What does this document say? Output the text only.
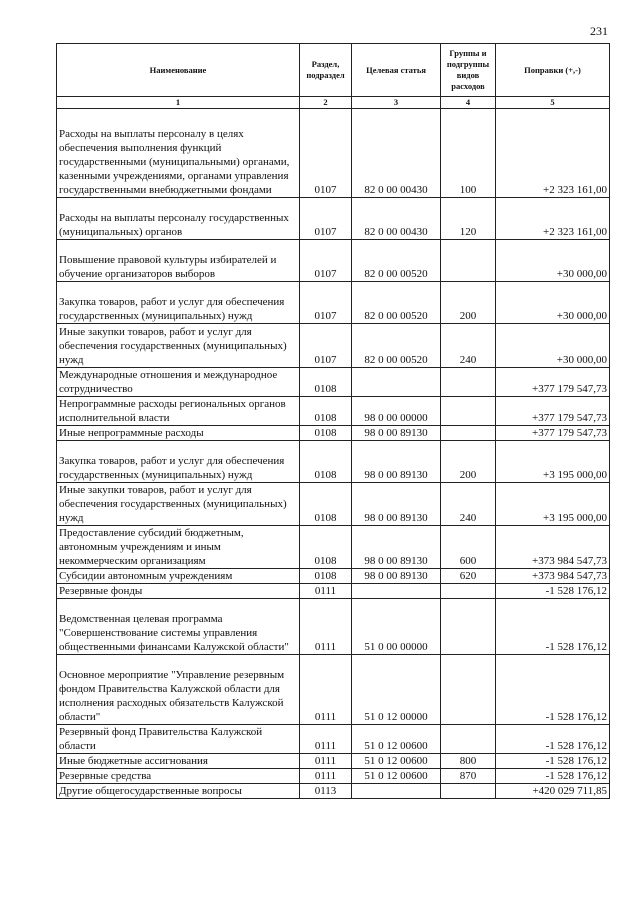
231
Наименование	Раздел, подраздел	Целевая статья	Группы и подгруппы видов расходов	Поправки (+,-)
1	2	3	4	5
Расходы на выплаты персоналу в целях обеспечения выполнения функций государственными (муниципальными) органами, казенными учреждениями, органами управления государственными внебюджетными фондами	0107	82 0 00 00430	100	+2 323 161,00
Расходы на выплаты персоналу государственных (муниципальных) органов	0107	82 0 00 00430	120	+2 323 161,00
Повышение правовой культуры избирателей и обучение организаторов выборов	0107	82 0 00 00520		+30 000,00
Закупка товаров, работ и услуг для обеспечения государственных (муниципальных) нужд	0107	82 0 00 00520	200	+30 000,00
Иные закупки товаров, работ и услуг для обеспечения государственных (муниципальных) нужд	0107	82 0 00 00520	240	+30 000,00
Международные отношения и международное сотрудничество	0108			+377 179 547,73
Непрограммные расходы региональных органов исполнительной власти	0108	98 0 00 00000		+377 179 547,73
Иные непрограммные расходы	0108	98 0 00 89130		+377 179 547,73
Закупка товаров, работ и услуг для обеспечения государственных (муниципальных) нужд	0108	98 0 00 89130	200	+3 195 000,00
Иные закупки товаров, работ и услуг для обеспечения государственных (муниципальных) нужд	0108	98 0 00 89130	240	+3 195 000,00
Предоставление субсидий бюджетным, автономным учреждениям и иным некоммерческим организациям	0108	98 0 00 89130	600	+373 984 547,73
Субсидии автономным учреждениям	0108	98 0 00 89130	620	+373 984 547,73
Резервные фонды	0111			-1 528 176,12
Ведомственная целевая программа "Совершенствование системы управления общественными финансами Калужской области"	0111	51 0 00 00000		-1 528 176,12
Основное мероприятие "Управление резервным фондом Правительства Калужской области для исполнения расходных обязательств Калужской области"	0111	51 0 12 00000		-1 528 176,12
Резервный фонд Правительства Калужской области	0111	51 0 12 00600		-1 528 176,12
Иные бюджетные ассигнования	0111	51 0 12 00600	800	-1 528 176,12
Резервные средства	0111	51 0 12 00600	870	-1 528 176,12
Другие общегосударственные вопросы	0113			+420 029 711,85
